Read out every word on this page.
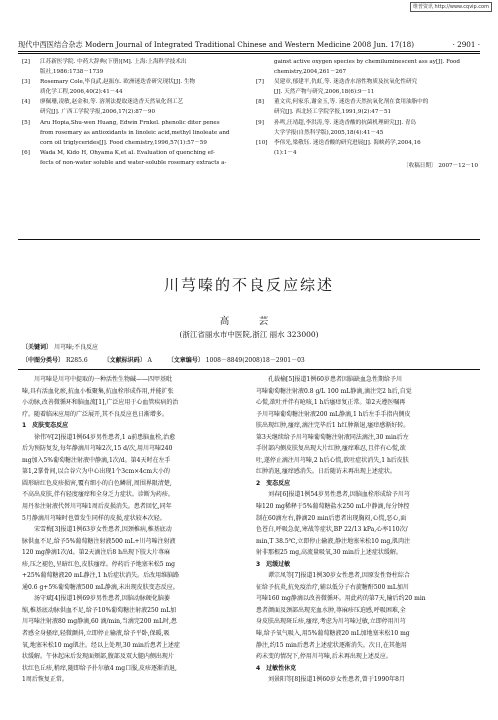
维普资讯 http://www.cqvip.com
现代中西医结合杂志 Modern Journal of Integrated Traditional Chinese and Western Medicine 2008 Jun. 17(18)	· 2901 ·
[2]	江苏新医学院. 中药大辞典(下册)[M]. 上海:上海科学技术出
版社,1986:1738－1739
[3]	Rosemary Cole,毕良武,赵振东. 欧洲迷迭香研究现状[J]. 生物
质化学工程,2006,40(2):41－44
[4]	廖佩珊,凌敏,赵金和,等. 溶剂法提取迷迭香天然氧化剂工艺
研究[J]. 广西工学院学报,2006,17(2):87－90
[5]	Aru Hopia,Shu-wen Huang, Edwin Frnkel. phenolic diter penes
from rosemary as antioxidants in linoleic acid,methyl linoleate and
corn oil triglycerides[J]. Food chemistry,1996,57(1):57－59
[6]	Wada M, Kido H, Ohyama K,et al. Evaluation of quenching ef-
fects of non-water soluble and water-soluble rosemary extracts a-
gainst active oxygen species by chemiluminescent ass ay[J]. Food
chemistry,2004,261－267
[7]	吴建章,郁建平,仇虹,等. 迷迭香水溶性物质及抗氧化性研究
[J]. 天然产物与研究,2006,18(6):9－11
[8]	董文宾,何家乐,谢金玉,等. 迷迭香天然抗氧化剂在食用油脂中的
研究[J]. 西北轻工学院学报,1991,9(2):47－51
[9]	孙鸣,汪靖超,李洪涛,等. 迷迭香酸的抗菌机理研究[J]. 青岛
大学学报(自然科学版),2005,18(4):41－45
[10]	李伟光,梁敬钰. 迷迭香酸的研究进展[J]. 海峡药学,2004,16
(1):1－4
〔收稿日期〕 2007－12－10
川芎嗪的不良反应综述
高　芸
(浙江省丽水市中医院,浙江 丽水 323000)
〔关键词〕 川芎嗪;不良反应
〔中图分类号〕 R285.6	〔文献标识码〕 A	〔文章编号〕 1008－8849(2008)18－2901－03
　　川芎嗪是川芎中提取的一种活性生物碱——四甲基吡
嗪,具有活血化瘀,抗血小板聚集,抗血栓形成作用,并能扩张
小动脉,改善微循环和脑血流[1],广泛应用于心血管疾病的治
疗。随着临床应用的广泛展开,其不良反应也日渐增多。
1　皮肤变态反应
　　徐伟军[2]报道1例64岁男性患者,1 a前患脑血栓,治愈
后为预防复发,每年静滴川芎嗪2次,15 d/次,用川芎嗪240
mg加入5%葡萄糖注射液中静滴,1次/d。第4天时在左手
第1,2掌骨间,以合谷穴为中心出现1个3cm×4cm大小的
圆形暗红色皮疹损害,覆有细小的白色鳞屑,周围界限清楚,
不高出皮肤,伴有轻度瘙痒和全身乏力症状。诊断为药疹。
用丹参注射液代替川芎嗪1周后皮损消失。患者回忆,同年
5月静滴川芎嗪时也曾发生同样的皮损,症状较本次轻。
　　宋雪梅[3]报道1例63岁女性患者,因颈椎病,椎基底动
脉供血不足,给予5%葡萄糖注射液500 mL+川芎嗪注射液
120 mg静滴1次/d。第2天滴注后8 h出现下肢大片荨麻
疹,压之褪色,呈暗红色,皮肤瘙痒。停药后予地塞米松5 mg
+25%葡萄糖液20 mL静注,1 h后症状消失。后改用维脑路
通0.6 g+5%葡萄糖液500 mL静滴,未出现皮肤变态反应。
　　汤守斌[4]报道1例69岁男性患者,因脑动脉硬化脑萎
缩,椎基底动脉供血不足,给予10%葡萄糖注射液250 mL加
川芎嗪注射液80 mg静滴,60 滴/min,当滴完200 mL时,患
者感全身搔痒,轻微颤抖,立即停止输液,给予平卧,保暖,吸
氧,地塞米松10 mg肌注。经以上处理,30 min后患者上述症
状缓解。午休起床后发现面颊部,腹部及双大腿内侧出现片
状红色丘疹,稍痒,随即给予扑尔敏4 mg口服,皮疹逐渐消退,
1周后恢复正常。
　　孔载榆[5]报道1例60岁患者因脑缺血急性期给予川
芎嗪葡萄糖注射液0.8 g/L 100 mL静滴,滴注完2 h后,自觉
心慌,欲吐并伴有呛咳,1 h后瘙痒复正常。第2天遵医嘱再
予川芎嗪葡萄糖注射液200 mL静滴,1 h后左手手指内侧皮
肤出现红肿,瘙痒,滴注完毕后1 h红肿渐退,瘙痒感渐好转。
第3天继续给予川芎嗪葡萄糖注射液同法滴注,30 min后左
手肘部内侧皮肤复出现大片红肿,瘙痒难忍,且伴有心慌,欲
吐,遂停止滴注川芎嗪,2 h后心慌,欲吐症状消失,1 h后皮肤
红肿消退,瘙痒感消失。日后随访未再出现上述症状。
2　变态反应
　　刘春[6]报道1例54岁男性患者,因脑血栓形成给予川芎
嗪120 mg稀释于5%葡萄糖盐水250 mL中静滴,每分钟控
制在60滴左右,静滴20 min后患者出现胸闷,心慌,恶心,面
色苍白,呼吸急促,寒战等症状,BP 22/13 kPa,心率110次/
min,T 38.5℃,立即停止输液,静注地塞米松10 mg,肌肉注
射非那根25 mg,高流量吸氧,30 min后上述症状缓解。
3　迟缓过敏
　　谭宗凤等[7]报道1例30岁女性患者,因原发性脊柱综合
征给予抗炎,抗免疫治疗,辅以低分子右旋糖酐500 mL加川
芎嗪160 mg静滴以改善微循环。用此药的第7天,输后约20 min
患者颜面及颈部出现充血水肿,荨麻疹压迫感,呼吸困难,全
身皮肤出现斑丘疹,瘙痒,考虑为川芎嗪过敏,立即停用川芎
嗪,给予氧气吸入,用5%葡萄糖液20 mL加地塞米松10 mg
静注,约15 min后患者上述症状逐渐消失。次日,在其他用
药未变的情况下,停用川芎嗪,后未再出现上述反应。
4　过敏性休克
　　刘景阳等[8]报道1例60岁女性患者,曾于1990年8月
